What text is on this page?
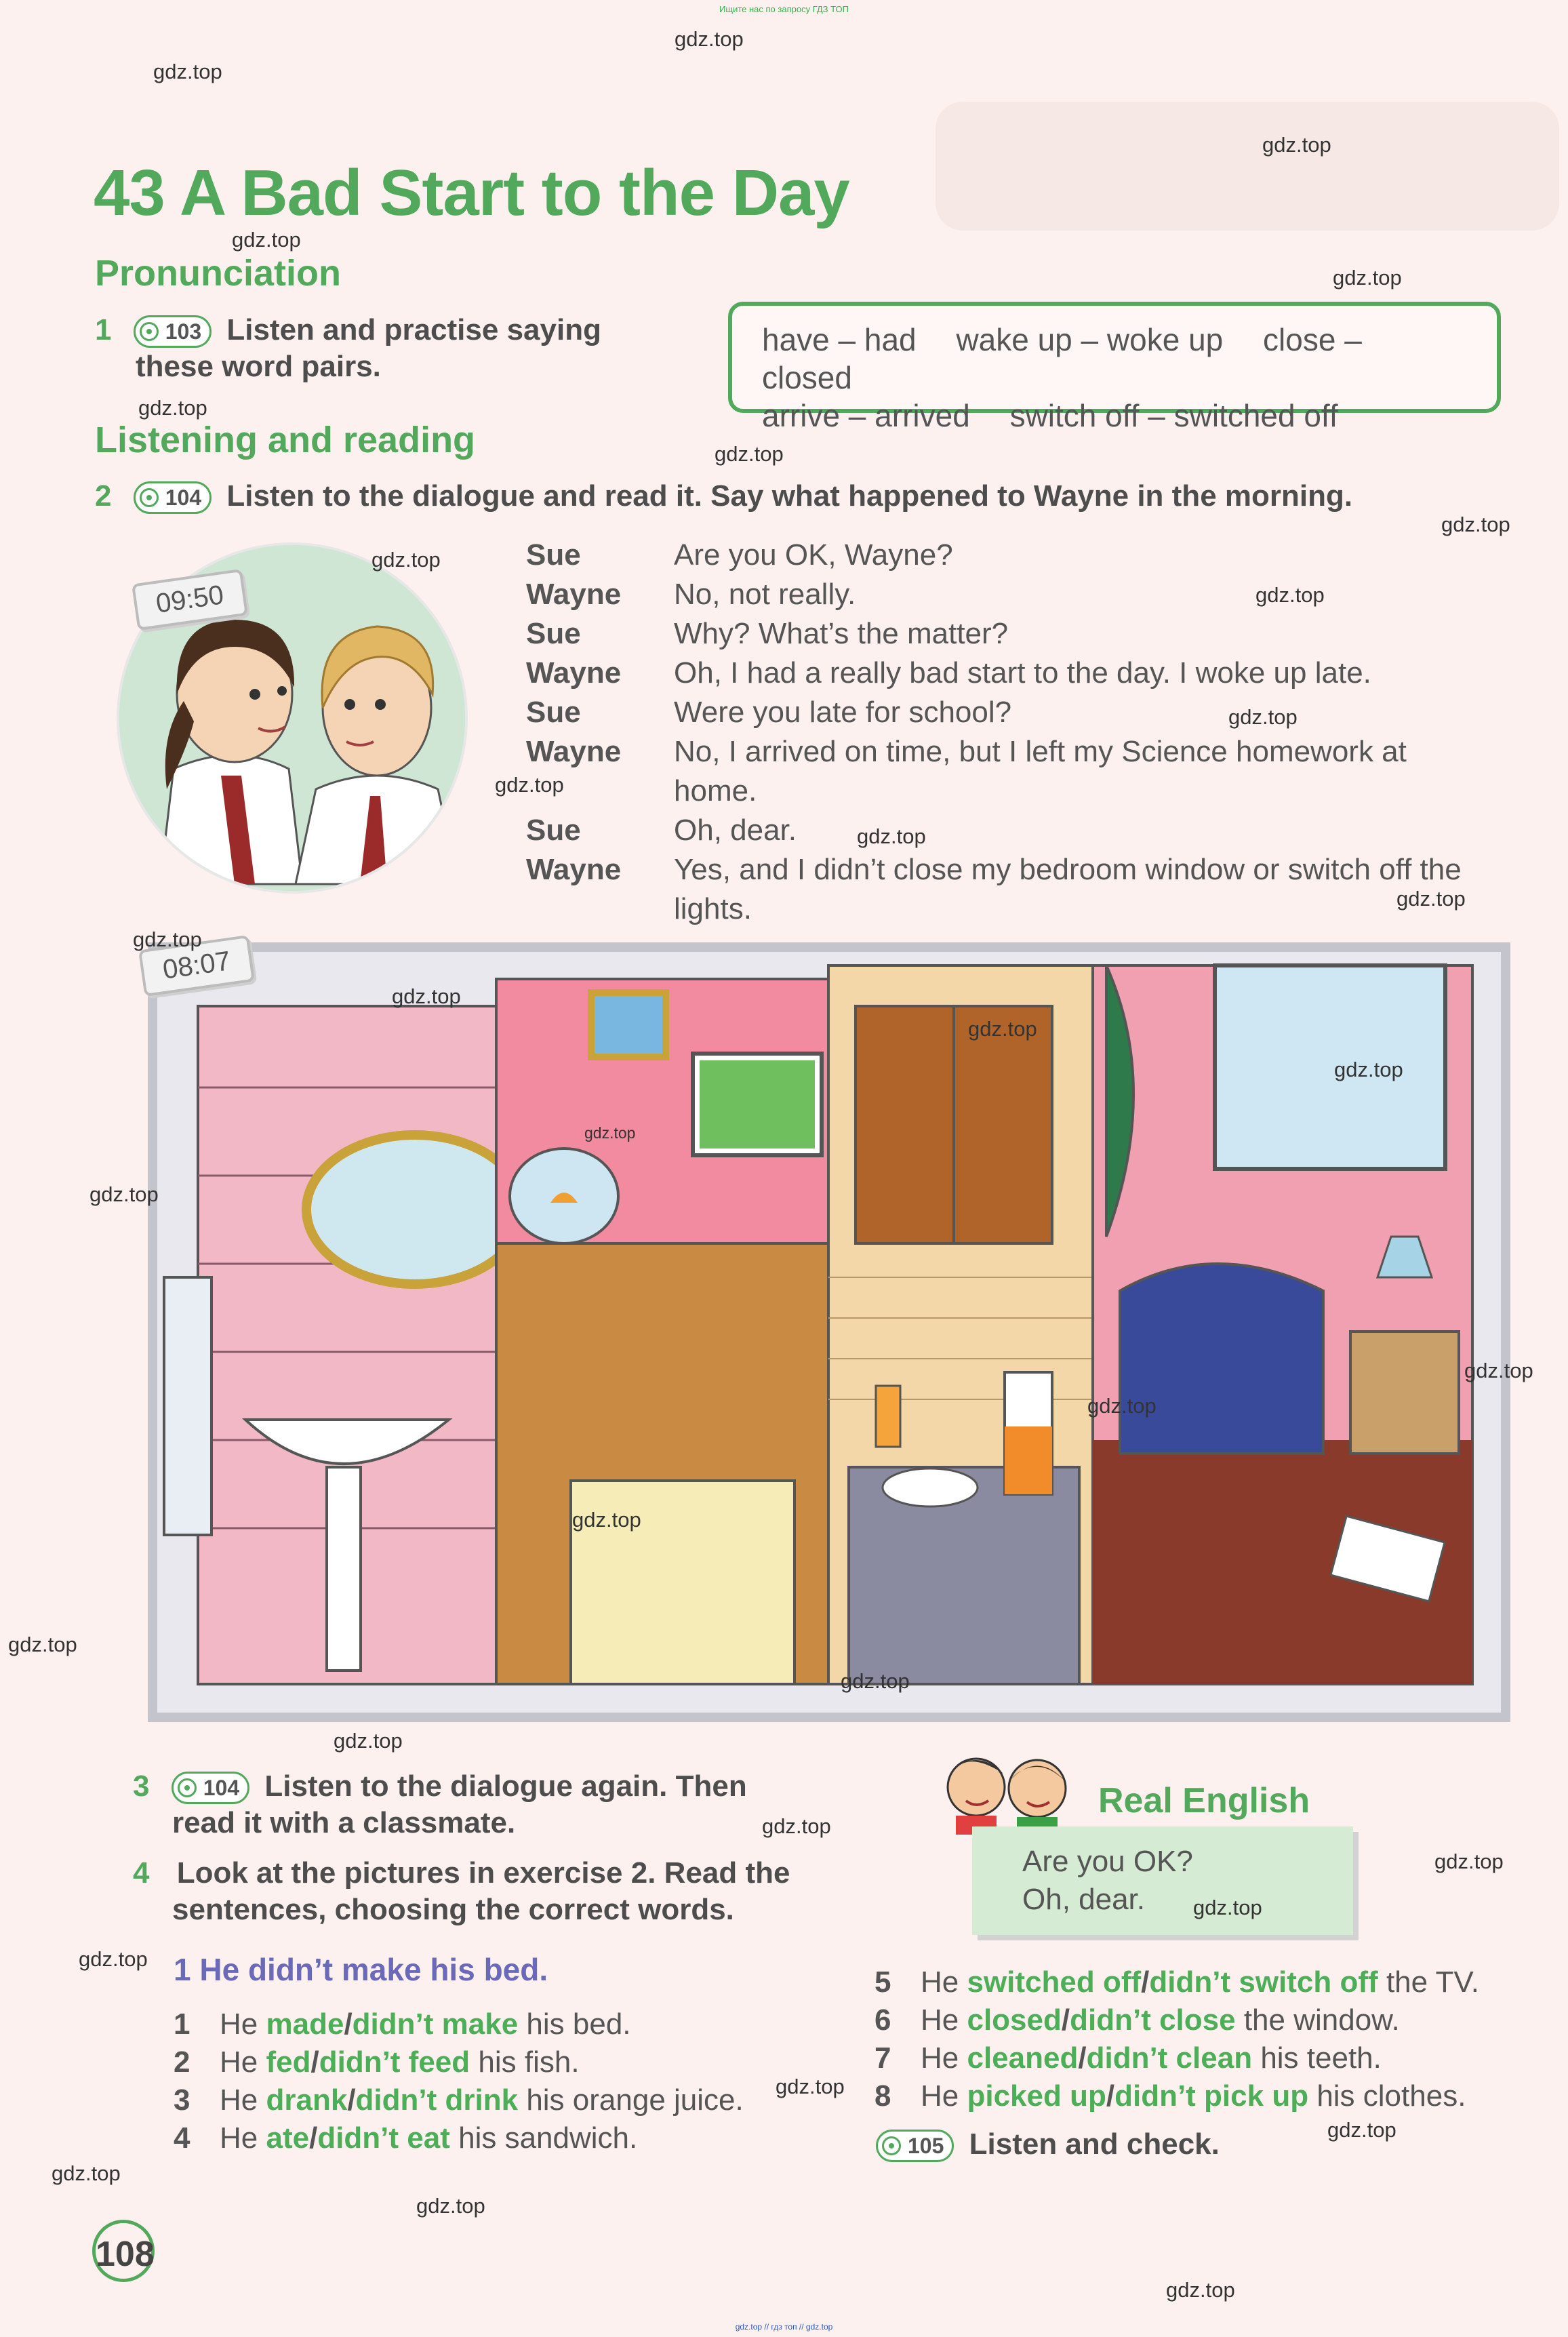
Ищите нас по запросу ГДЗ ТОП
gdz.top // гдз топ // gdz.top
43 A Bad Start to the Day
Pronunciation
1 103 Listen and practise saying
these word pairs.
have – had wake up – woke up close – closed
arrive – arrived switch off – switched off
Listening and reading
2 104 Listen to the dialogue and read it. Say what happened to Wayne in the morning.
09:50
Sue	Are you OK, Wayne?
Wayne	No, not really.
Sue	Why? What’s the matter?
Wayne	Oh, I had a really bad start to the day. I woke up late.
Sue	Were you late for school?
Wayne	No, I arrived on time, but I left my Science homework at home.
Sue	Oh, dear.
Wayne	Yes, and I didn’t close my bedroom window or switch off the lights.
08:07
3 104 Listen to the dialogue again. Then
read it with a classmate.
4 Look at the pictures in exercise 2. Read the
sentences, choosing the correct words.
1 He didn’t make his bed.
1 He made/didn’t make his bed.
2 He fed/didn’t feed his fish.
3 He drank/didn’t drink his orange juice.
4 He ate/didn’t eat his sandwich.
5 He switched off/didn’t switch off the TV.
6 He closed/didn’t close the window.
7 He cleaned/didn’t clean his teeth.
8 He picked up/didn’t pick up his clothes.
105 Listen and check.
Real English
Are you OK?
Oh, dear.
108
gdz.top
gdz.top
gdz.top
gdz.top
gdz.top
gdz.top
gdz.top
gdz.top
gdz.top
gdz.top
gdz.top
gdz.top
gdz.top
gdz.top
gdz.top
gdz.top
gdz.top
gdz.top
gdz.top
gdz.top
gdz.top
gdz.top
gdz.top
gdz.top
gdz.top
gdz.top
gdz.top
gdz.top
gdz.top
gdz.top
gdz.top
gdz.top
gdz.top
gdz.top
gdz.top
